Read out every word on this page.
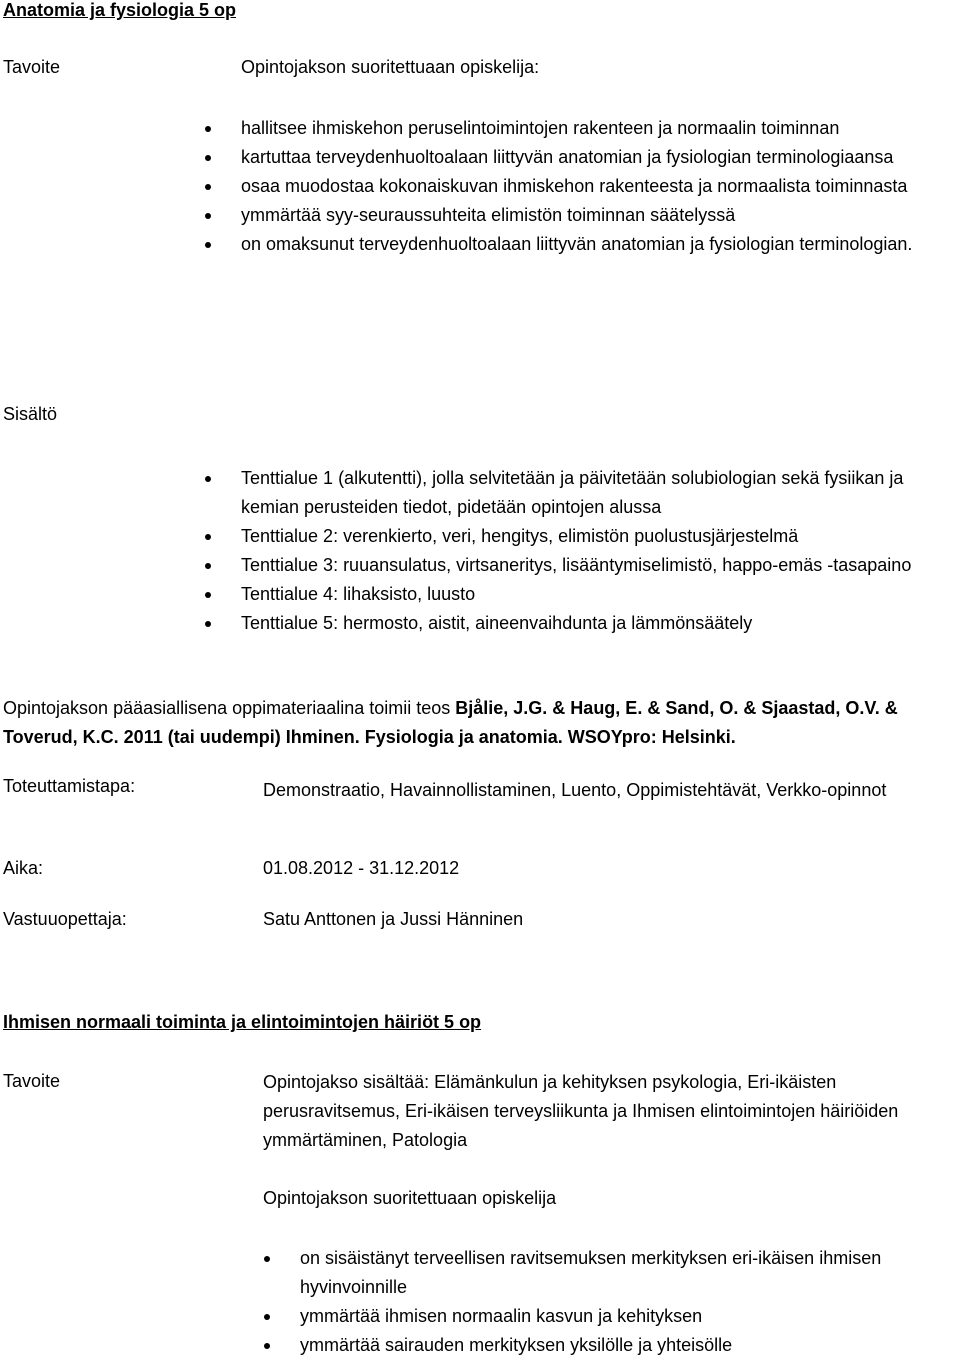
Anatomia ja fysiologia 5 op
Tavoite	Opintojakson suoritettuaan opiskelija:
hallitsee ihmiskehon peruselintoimintojen rakenteen ja normaalin toiminnan
kartuttaa terveydenhuoltoalaan liittyvän anatomian ja fysiologian terminologiaansa
osaa muodostaa kokonaiskuvan ihmiskehon rakenteesta ja normaalista toiminnasta
ymmärtää syy-seuraussuhteita elimistön toiminnan säätelyssä
on omaksunut terveydenhuoltoalaan liittyvän anatomian ja fysiologian terminologian.
Sisältö
Tenttialue 1 (alkutentti), jolla selvitetään ja päivitetään solubiologian sekä fysiikan ja kemian perusteiden tiedot, pidetään opintojen alussa
Tenttialue 2: verenkierto, veri, hengitys, elimistön puolustusjärjestelmä
Tenttialue 3: ruuansulatus, virtsaneritys, lisääntymiselimistö, happo-emäs -tasapaino
Tenttialue 4: lihaksisto, luusto
Tenttialue 5: hermosto, aistit, aineenvaihdunta ja lämmönsäätely
Opintojakson pääasiallisena oppimateriaalina toimii teos Bjålie, J.G. & Haug, E. & Sand, O. & Sjaastad, O.V. & Toverud, K.C. 2011 (tai uudempi) Ihminen. Fysiologia ja anatomia. WSOYpro: Helsinki.
Toteuttamistapa:	Demonstraatio, Havainnollistaminen, Luento, Oppimistehtävät, Verkko-opinnot
Aika:	01.08.2012 - 31.12.2012
Vastuuopettaja:	Satu Anttonen ja Jussi Hänninen
Ihmisen normaali toiminta ja elintoimintojen häiriöt 5 op
Tavoite	Opintojakso sisältää: Elämänkulun ja kehityksen psykologia, Eri-ikäisten perusravitsemus, Eri-ikäisen terveysliikunta ja Ihmisen elintoimintojen häiriöiden ymmärtäminen, Patologia
Opintojakson suoritettuaan opiskelija
on sisäistänyt terveellisen ravitsemuksen merkityksen eri-ikäisen ihmisen hyvinvoinnille
ymmärtää ihmisen normaalin kasvun ja kehityksen
ymmärtää sairauden merkityksen yksilölle ja yhteisölle
